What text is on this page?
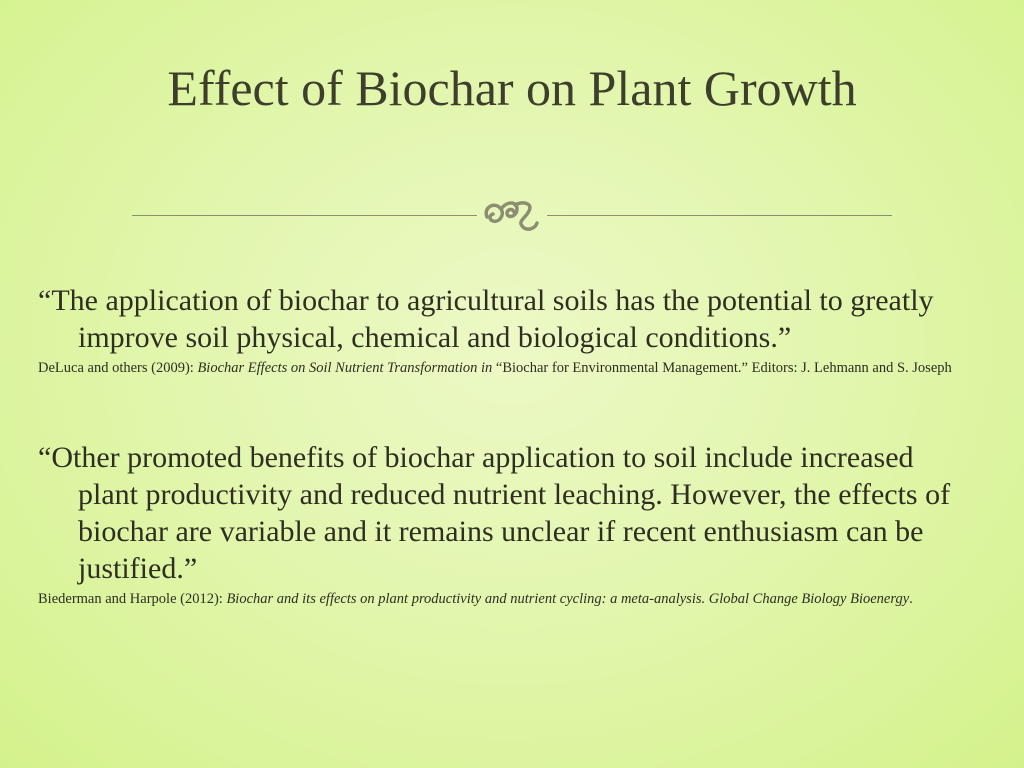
Effect of Biochar on Plant Growth

“The application of biochar to agricultural soils has the potential to greatly improve soil physical, chemical and biological conditions.”

DeLuca and others (2009): Biochar Effects on Soil Nutrient Transformation in “Biochar for Environmental Management.” Editors: J. Lehmann and S. Joseph

“Other promoted benefits of biochar application to soil include increased plant productivity and reduced nutrient leaching. However, the effects of biochar are variable and it remains unclear if recent enthusiasm can be justified.”

Biederman and Harpole (2012): Biochar and its effects on plant productivity and nutrient cycling: a meta-analysis. Global Change Biology Bioenergy.
